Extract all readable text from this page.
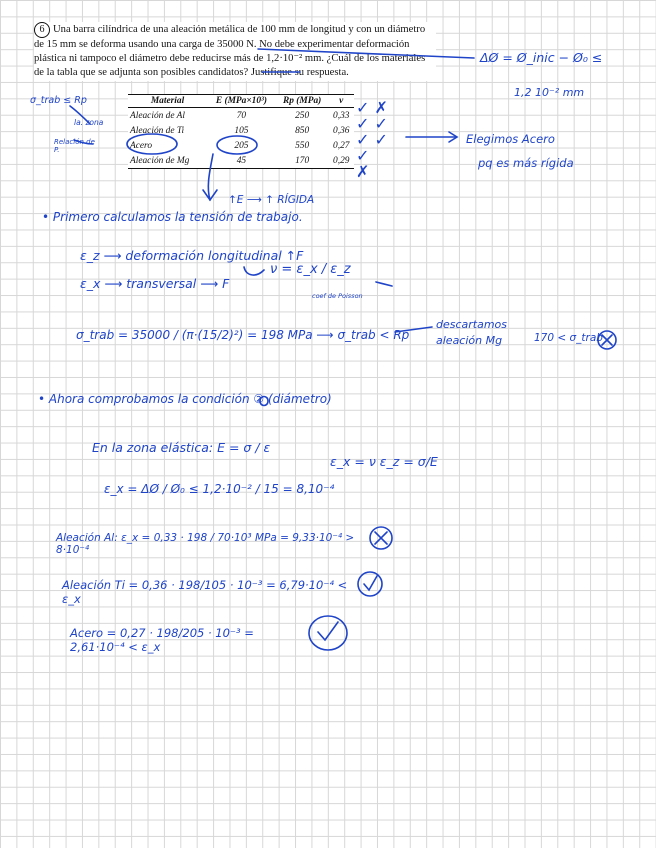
6 Una barra cilíndrica de una aleación metálica de 100 mm de longitud y con un diámetro de 15 mm se deforma usando una carga de 35000 N. No debe experimentar deformación plástica ni tampoco el diámetro debe reducirse más de 1,2·10⁻² mm. ¿Cuál de los materiales de la tabla que se adjunta son posibles candidatos? Justifique su respuesta.

Material	E (MPa×10³)	Rp (MPa)	ν
Aleación de Al	70	250	0,33
Aleación de Ti	105	850	0,36
Acero	205	550	0,27
Aleación de Mg	45	170	0,29
✓ ✗
✓ ✓
✓ ✓
✓
✗
σ_trab ≤ Rp
la. zona
Relación de P.
ΔØ = Ø_inic − Ø₀ ≤
1,2 10⁻² mm
Elegimos Acero
pq es más rígida
↑E ⟶ ↑ RÍGIDA
• Primero calculamos la tensión de trabajo.
ε_z ⟶ deformación longitudinal ↑F
ε_x ⟶ transversal ⟶ F
ν = ε_x / ε_z
coef de Poisson
σ_trab = 35000 / (π·(15/2)²) = 198 MPa ⟶ σ_trab < Rp
descartamos
aleación Mg	170 < σ_trab
• Ahora comprobamos la condición ② (diámetro)
En la zona elástica: E = σ / ε
ε_x = ν ε_z = σ/E
ε_x = ΔØ / Ø₀ ≤ 1,2·10⁻² / 15 = 8,10⁻⁴
Aleación Al: ε_x = 0,33 · 198 / 70·10³ MPa = 9,33·10⁻⁴ > 8·10⁻⁴
Aleación Ti = 0,36 · 198/105 · 10⁻³ = 6,79·10⁻⁴ < ε_x
Acero = 0,27 · 198/205 · 10⁻³ = 2,61·10⁻⁴ < ε_x
